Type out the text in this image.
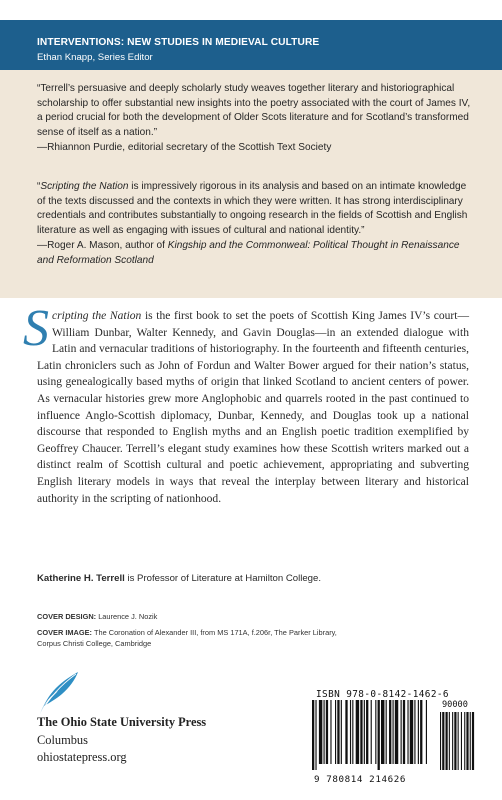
INTERVENTIONS: NEW STUDIES IN MEDIEVAL CULTURE
Ethan Knapp, Series Editor

“Terrell’s persuasive and deeply scholarly study weaves together literary and historiographical scholarship to offer substantial new insights into the poetry associated with the court of James IV, a period crucial for both the development of Older Scots literature and for Scotland’s transformed sense of itself as a nation.”

—Rhiannon Purdie, editorial secretary of the Scottish Text Society

“Scripting the Nation is impressively rigorous in its analysis and based on an intimate knowledge of the texts discussed and the contexts in which they were written. It has strong interdisciplinary credentials and contributes substantially to ongoing research in the fields of Scottish and English literature as well as engaging with issues of cultural and national identity.”

—Roger A. Mason, author of Kingship and the Commonweal: Political Thought in Renaissance and Reformation Scotland

Scripting the Nation is the first book to set the poets of Scottish King James IV’s court—William Dunbar, Walter Kennedy, and Gavin Douglas—in an extended dialogue with Latin and vernacular traditions of historiography. In the fourteenth and fifteenth centuries, Latin chroniclers such as John of Fordun and Walter Bower argued for their nation’s status, using genealogically based myths of origin that linked Scotland to ancient centers of power. As vernacular histories grew more Anglophobic and quarrels rooted in the past continued to influence Anglo-Scottish diplomacy, Dunbar, Kennedy, and Douglas took up a national discourse that responded to English myths and an English poetic tradition exemplified by Geoffrey Chaucer. Terrell’s elegant study examines how these Scottish writers marked out a distinct realm of Scottish cultural and poetic achievement, appropriating and subverting English literary models in ways that reveal the interplay between literary and historical authority in the scripting of nationhood.
Katherine H. Terrell is Professor of Literature at Hamilton College.
COVER DESIGN: Laurence J. Nozik
COVER IMAGE: The Coronation of Alexander III, from MS 171A, f.206r, The Parker Library, Corpus Christi College, Cambridge
The Ohio State University Press
Columbus
ohiostatepress.org
ISBN 978-0-8142-1462-6
90000
9 780814 214626
